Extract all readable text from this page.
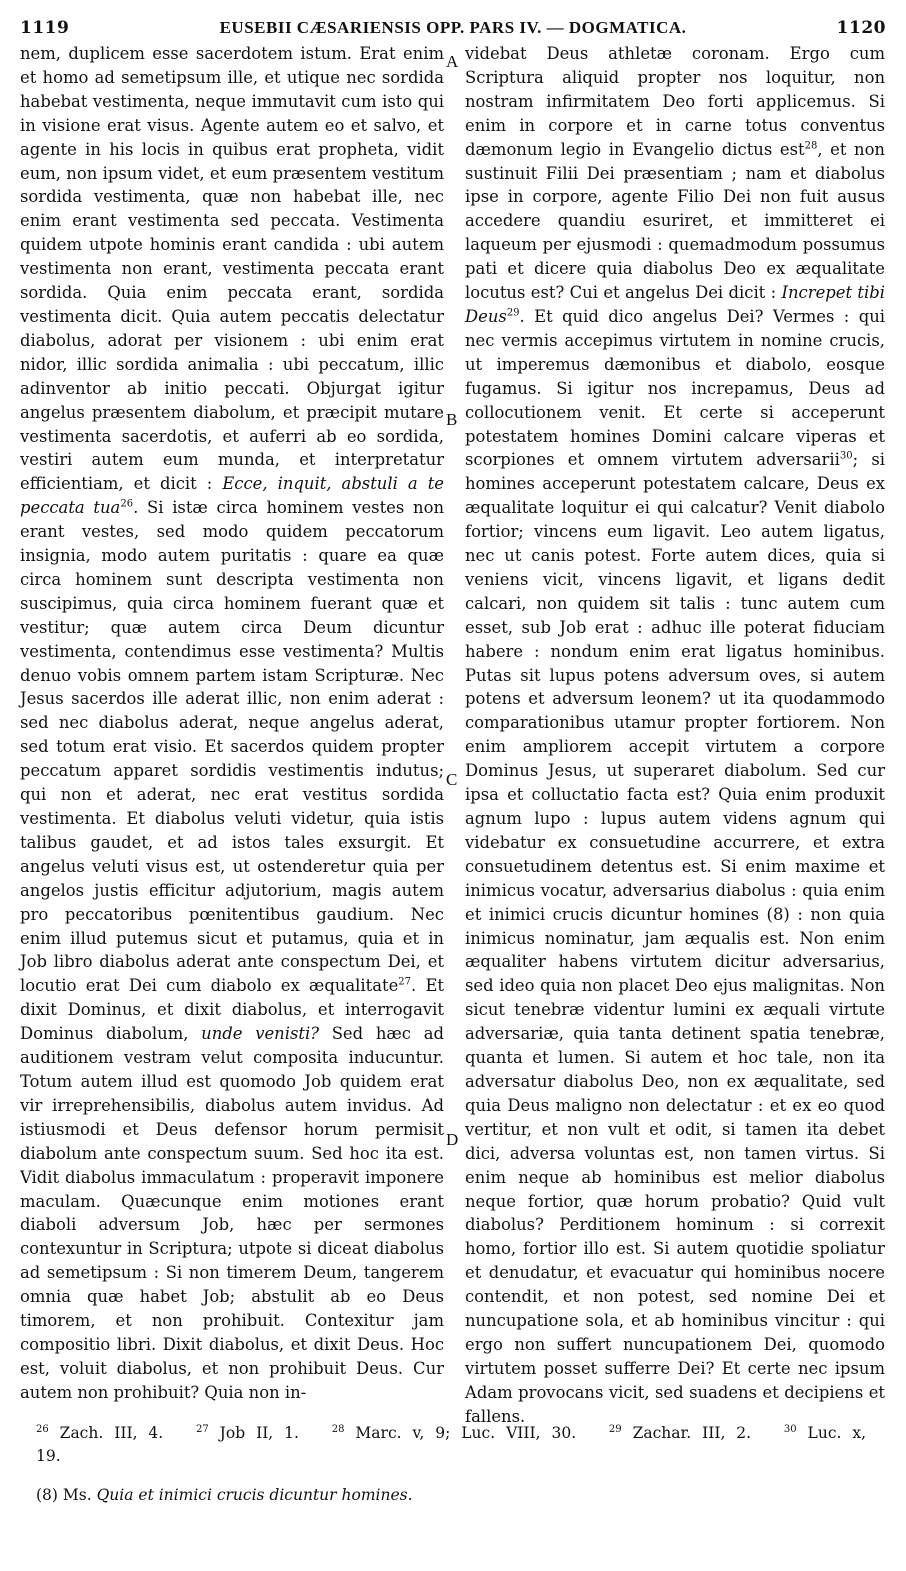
1119	EUSEBII CÆSARIENSIS OPP. PARS IV. — DOGMATICA.	1120

nem, duplicem esse sacerdotem istum. Erat enim et homo ad semetipsum ille, et utique nec sordida habebat vestimenta, neque immutavit cum isto qui in visione erat visus. Agente autem eo et salvo, et agente in his locis in quibus erat propheta, vidit eum, non ipsum videt, et eum præsentem vestitum sordida vestimenta, quæ non habebat ille, nec enim erant vestimenta sed peccata. Vestimenta quidem utpote hominis erant candida : ubi autem vestimenta non erant, vestimenta peccata erant sordida. Quia enim peccata erant, sordida vestimenta dicit. Quia autem peccatis delectatur diabolus, adorat per visionem : ubi enim erat nidor, illic sordida animalia : ubi peccatum, illic adinventor ab initio peccati. Objurgat igitur angelus præsentem diabolum, et præcipit mutare vestimenta sacerdotis, et auferri ab eo sordida, vestiri autem eum munda, et interpretatur efficientiam, et dicit : Ecce, inquit, abstuli a te peccata tua$^{26}$. Si istæ circa hominem vestes non erant vestes, sed modo quidem peccatorum insignia, modo autem puritatis : quare ea quæ circa hominem sunt descripta vestimenta non suscipimus, quia circa hominem fuerant quæ et vestitur; quæ autem circa Deum dicuntur vestimenta, contendimus esse vestimenta? Multis denuo vobis omnem partem istam Scripturæ. Nec Jesus sacerdos ille aderat illic, non enim aderat : sed nec diabolus aderat, neque angelus aderat, sed totum erat visio. Et sacerdos quidem propter peccatum apparet sordidis vestimentis indutus; qui non et aderat, nec erat vestitus sordida vestimenta. Et diabolus veluti videtur, quia istis talibus gaudet, et ad istos tales exsurgit. Et angelus veluti visus est, ut ostenderetur quia per angelos justis efficitur adjutorium, magis autem pro peccatoribus pœnitentibus gaudium. Nec enim illud putemus sicut et putamus, quia et in Job libro diabolus aderat ante conspectum Dei, et locutio erat Dei cum diabolo ex æqualitate$^{27}$. Et dixit Dominus, et dixit diabolus, et interrogavit Dominus diabolum, unde venisti? Sed hæc ad auditionem vestram velut composita inducuntur. Totum autem illud est quomodo Job quidem erat vir irreprehensibilis, diabolus autem invidus. Ad istiusmodi et Deus defensor horum permisit diabolum ante conspectum suum. Sed hoc ita est. Vidit diabolus immaculatum : properavit imponere maculam. Quæcunque enim motiones erant diaboli adversum Job, hæc per sermones contexuntur in Scriptura; utpote si diceat diabolus ad semetipsum : Si non timerem Deum, tangerem omnia quæ habet Job; abstulit ab eo Deus timorem, et non prohibuit. Contexitur jam compositio libri. Dixit diabolus, et dixit Deus. Hoc est, voluit diabolus, et non prohibuit Deus. Cur autem non prohibuit? Quia non in-

A
B
C
D

videbat Deus athletæ coronam. Ergo cum Scriptura aliquid propter nos loquitur, non nostram infirmitatem Deo forti applicemus. Si enim in corpore et in carne totus conventus dæmonum legio in Evangelio dictus est$^{28}$, et non sustinuit Filii Dei præsentiam ; nam et diabolus ipse in corpore, agente Filio Dei non fuit ausus accedere quandiu esuriret, et immitteret ei laqueum per ejusmodi : quemadmodum possumus pati et dicere quia diabolus Deo ex æqualitate locutus est? Cui et angelus Dei dicit : Increpet tibi Deus$^{29}$. Et quid dico angelus Dei? Vermes : qui nec vermis accepimus virtutem in nomine crucis, ut imperemus dæmonibus et diabolo, eosque fugamus. Si igitur nos increpamus, Deus ad collocutionem venit. Et certe si acceperunt potestatem homines Domini calcare viperas et scorpiones et omnem virtutem adversarii$^{30}$; si homines acceperunt potestatem calcare, Deus ex æqualitate loquitur ei qui calcatur? Venit diabolo fortior; vincens eum ligavit. Leo autem ligatus, nec ut canis potest. Forte autem dices, quia si veniens vicit, vincens ligavit, et ligans dedit calcari, non quidem sit talis : tunc autem cum esset, sub Job erat : adhuc ille poterat fiduciam habere : nondum enim erat ligatus hominibus. Putas sit lupus potens adversum oves, si autem potens et adversum leonem? ut ita quodammodo comparationibus utamur propter fortiorem. Non enim ampliorem accepit virtutem a corpore Dominus Jesus, ut superaret diabolum. Sed cur ipsa et colluctatio facta est? Quia enim produxit agnum lupo : lupus autem videns agnum qui videbatur ex consuetudine accurrere, et extra consuetudinem detentus est. Si enim maxime et inimicus vocatur, adversarius diabolus : quia enim et inimici crucis dicuntur homines (8) : non quia inimicus nominatur, jam æqualis est. Non enim æqualiter habens virtutem dicitur adversarius, sed ideo quia non placet Deo ejus malignitas. Non sicut tenebræ videntur lumini ex æquali virtute adversariæ, quia tanta detinent spatia tenebræ, quanta et lumen. Si autem et hoc tale, non ita adversatur diabolus Deo, non ex æqualitate, sed quia Deus maligno non delectatur : et ex eo quod vertitur, et non vult et odit, si tamen ita debet dici, adversa voluntas est, non tamen virtus. Si enim neque ab hominibus est melior diabolus neque fortior, quæ horum probatio? Quid vult diabolus? Perditionem hominum : si correxit homo, fortior illo est. Si autem quotidie spoliatur et denudatur, et evacuatur qui hominibus nocere contendit, et non potest, sed nomine Dei et nuncupatione sola, et ab hominibus vincitur : qui ergo non suffert nuncupationem Dei, quomodo virtutem posset sufferre Dei? Et certe nec ipsum Adam provocans vicit, sed suadens et decipiens et fallens.

$^{26}$ Zach. III, 4.	$^{27}$ Job II, 1.	$^{28}$ Marc. v, 9; Luc. VIII, 30.	$^{29}$ Zachar. III, 2.	$^{30}$ Luc. x, 19.
(8) Ms. Quia et inimici crucis dicuntur homines.
